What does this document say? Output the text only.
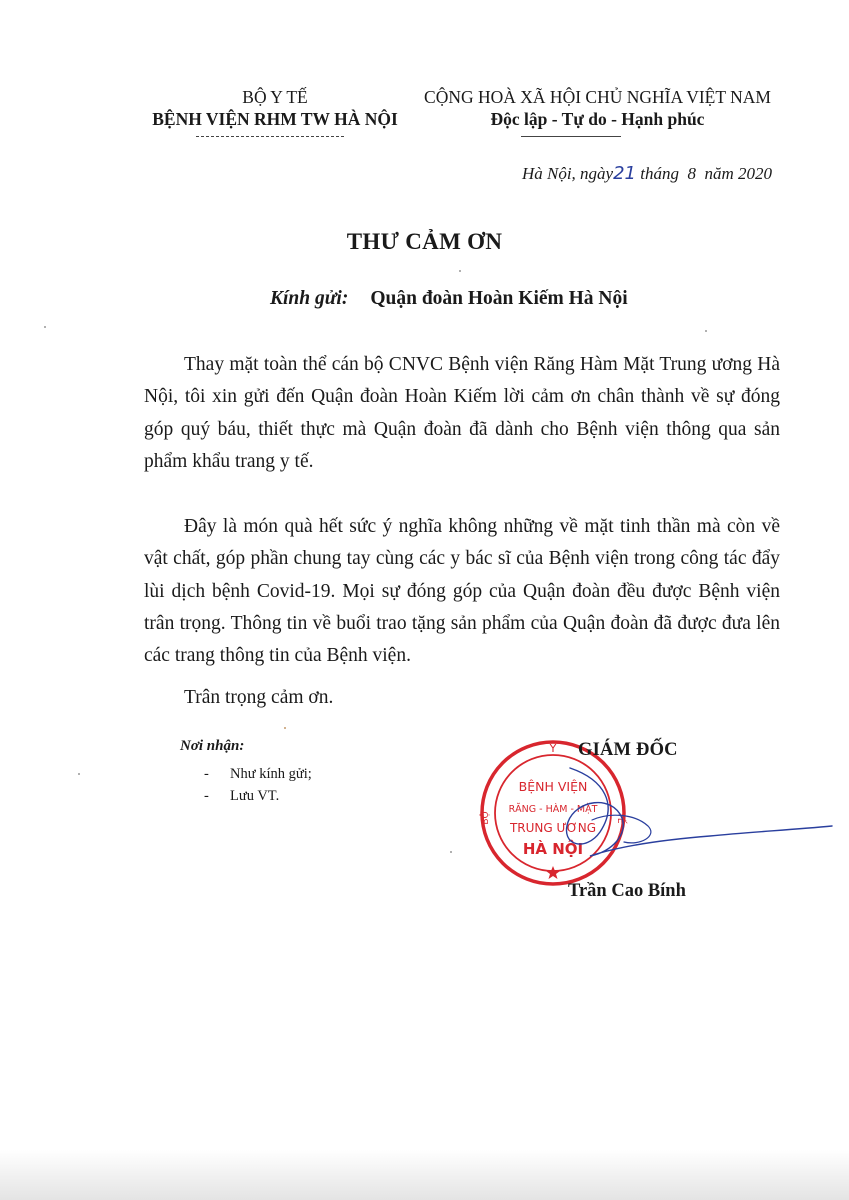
BỘ Y TẾ
BỆNH VIỆN RHM TW HÀ NỘI
CỘNG HOÀ XÃ HỘI CHỦ NGHĨA VIỆT NAM
Độc lập - Tự do - Hạnh phúc
Hà Nội, ngày21 tháng  8  năm 2020
THƯ CẢM ƠN
Kính gửi: Quận đoàn Hoàn Kiếm Hà Nội
Thay mặt toàn thể cán bộ CNVC Bệnh viện Răng Hàm Mặt Trung ương Hà Nội, tôi xin gửi đến Quận đoàn Hoàn Kiếm lời cảm ơn chân thành về sự đóng góp quý báu, thiết thực mà Quận đoàn đã dành cho Bệnh viện thông qua sản phẩm khẩu trang y tế.
Đây là món quà hết sức ý nghĩa không những về mặt tinh thần mà còn về vật chất, góp phần chung tay cùng các y bác sĩ của Bệnh viện trong công tác đẩy lùi dịch bệnh Covid-19. Mọi sự đóng góp của Quận đoàn đều được Bệnh viện trân trọng. Thông tin về buổi trao tặng sản phẩm của Quận đoàn đã được đưa lên các trang thông tin của Bệnh viện.
Trân trọng cảm ơn.
Nơi nhận:
- Như kính gửi;
- Lưu VT.
Y
BỘ	TẾ
BỆNH VIỆN
RĂNG - HÀM - MẶT
TRUNG ƯƠNG
HÀ NỘI
GIÁM ĐỐC
Trần Cao Bính
